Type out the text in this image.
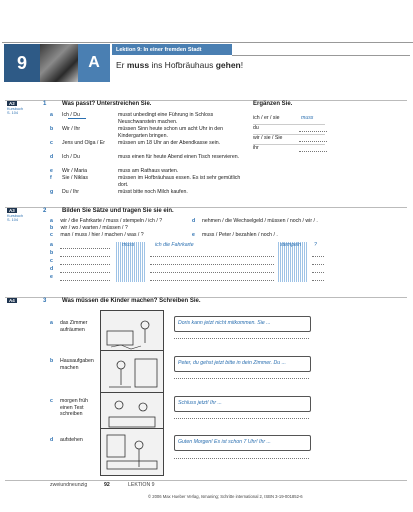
9	A
Lektion 9: In einer fremden Stadt
Er muss ins Hofbräuhaus gehen!
A2
Kursbuch
S. 104
1	Was passt? Unterstreichen Sie.	Ergänzen Sie.
a Ich / Du	musst unbedingt eine Führung in Schloss Neuschwanstein machen.
b Wir / Ihr	müssen Sinn heute schon um acht Uhr in den Kindergarten bringen.
c Jens und Olga / Er	müssen um 18 Uhr an der Abendkasse sein.
d Ich / Du	muss einen für heute Abend einen Tisch reservieren.
e Wir / Maria	muss am Rathaus warten.
f Sie / Niklas	müssen im Hofbräuhaus essen. Es ist sehr gemütlich dort.
g Du / Ihr	müsst bitte noch Milch kaufen.
ich / er / sie	muss
du
wir / sie / Sie
ihr
A3
Kursbuch
S. 104
2	Bilden Sie Sätze und tragen Sie sie ein.
a wir / die Fahrkarte / muss / stempeln / ich / ?
b wir / wo / warten / müssen / ?
c man / muss / hier / machen / was / ?
d nehmen / die Wechselgeld / müssen / noch / wir / .
e muss / Peter / bezahlen / noch / .
a	muss	ich die Fahrkarte	stempeln ?
b
c
d
e
A4	3	Was müssen die Kinder machen? Schreiben Sie.
a das Zimmer aufräumen
Doris kann jetzt nicht mitkommen. Sie ...
b Hausaufgaben machen
Peter, du gehst jetzt bitte in dein Zimmer. Du ...
c morgen früh einen Test schreiben
Schluss jetzt! Ihr ...
d aufstehen	Guten Morgen! Es ist schon 7 Uhr! Ihr ...
zweiundneunzig	92	LEKTION 9
© 2006 Max Hueber Verlag, Ismaning; Schritte international 2, ISBN 3-19-001852-6
